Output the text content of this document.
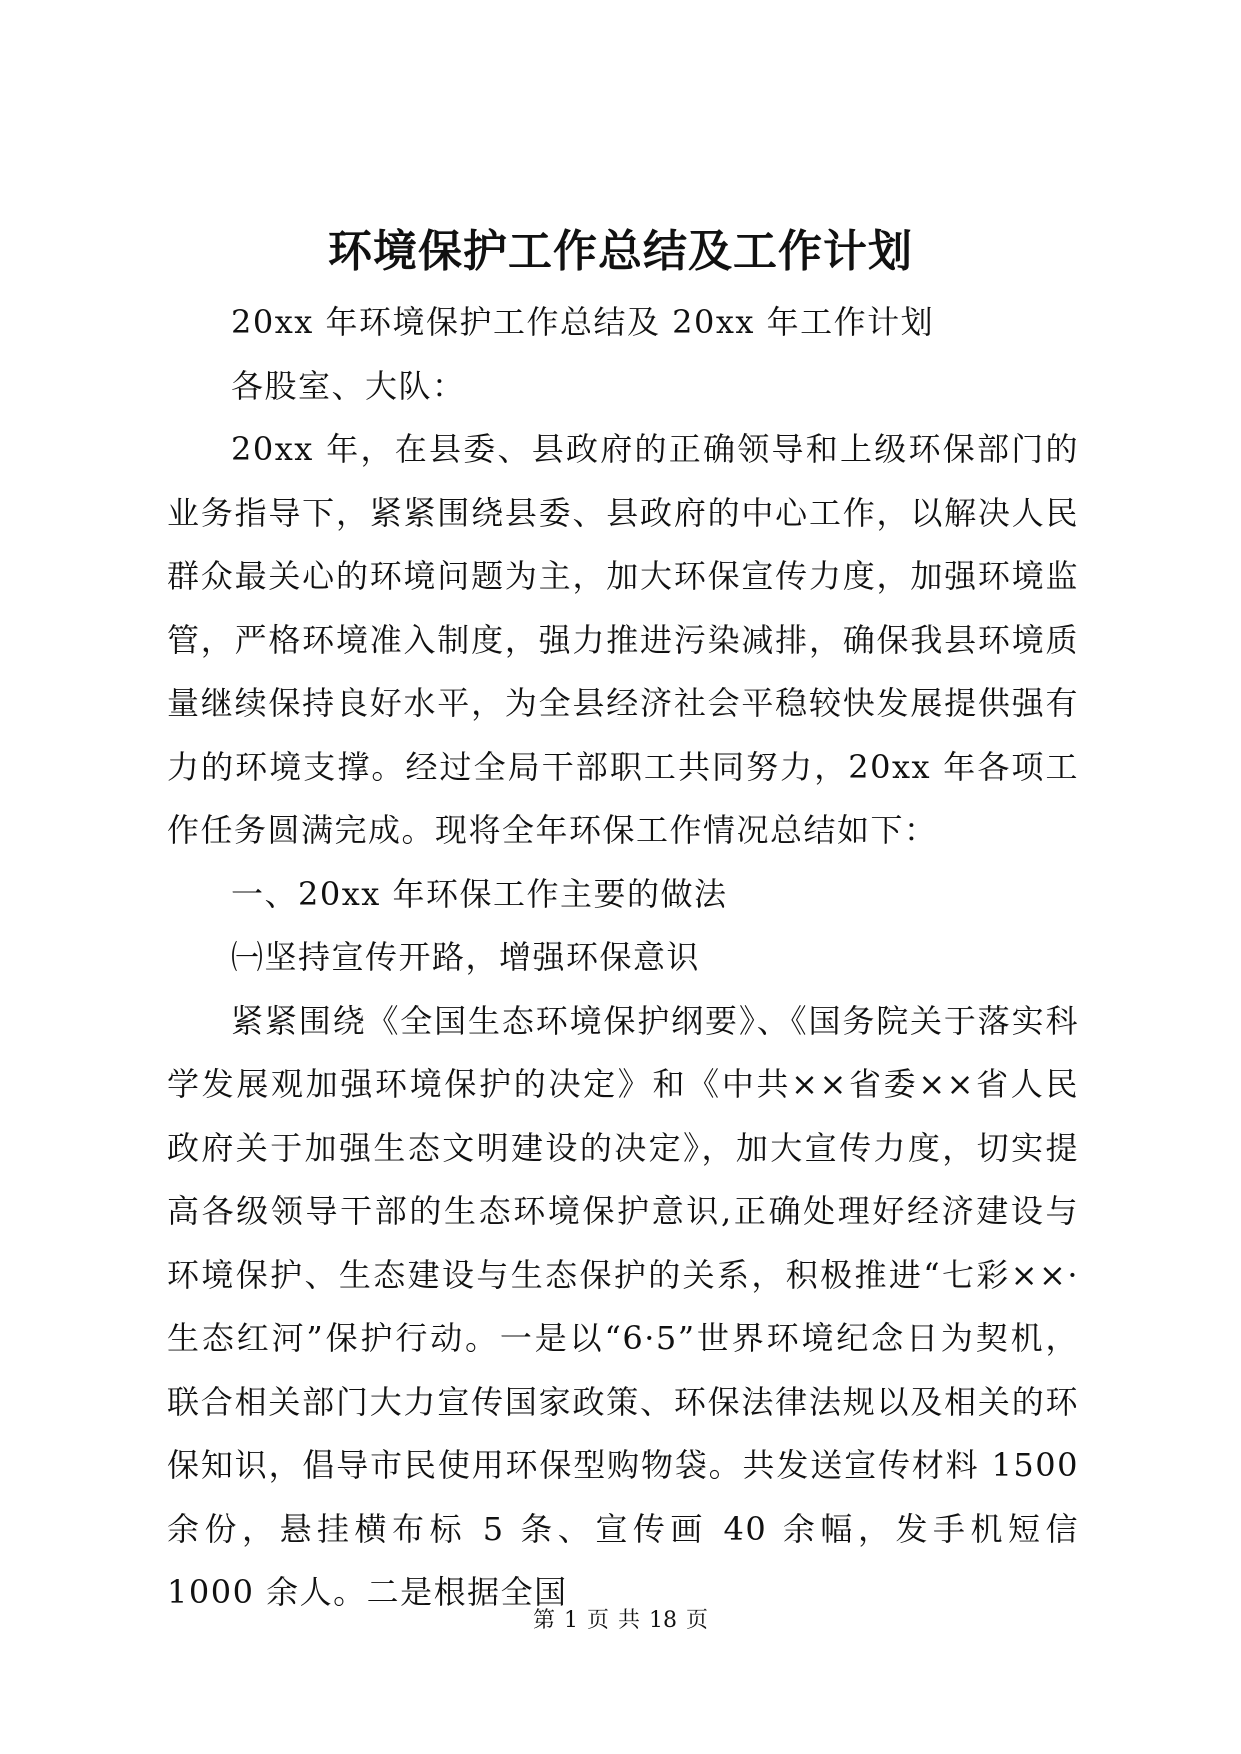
环境保护工作总结及工作计划

20xx 年环境保护工作总结及 20xx 年工作计划

各股室、大队：

20xx 年，在县委、县政府的正确领导和上级环保部门的业务指导下，紧紧围绕县委、县政府的中心工作，以解决人民群众最关心的环境问题为主，加大环保宣传力度，加强环境监管，严格环境准入制度，强力推进污染减排，确保我县环境质量继续保持良好水平，为全县经济社会平稳较快发展提供强有力的环境支撑。经过全局干部职工共同努力，20xx 年各项工作任务圆满完成。现将全年环保工作情况总结如下：

一、20xx 年环保工作主要的做法

㈠坚持宣传开路，增强环保意识

紧紧围绕《全国生态环境保护纲要》、《国务院关于落实科学发展观加强环境保护的决定》和《中共××省委××省人民政府关于加强生态文明建设的决定》，加大宣传力度，切实提高各级领导干部的生态环境保护意识,正确处理好经济建设与环境保护、生态建设与生态保护的关系，积极推进“七彩××·生态红河”保护行动。一是以“6·5”世界环境纪念日为契机，联合相关部门大力宣传国家政策、环保法律法规以及相关的环保知识，倡导市民使用环保型购物袋。共发送宣传材料 1500 余份，悬挂横布标 5 条、宣传画 40 余幅，发手机短信 1000 余人。二是根据全国

第 1 页 共 18 页
